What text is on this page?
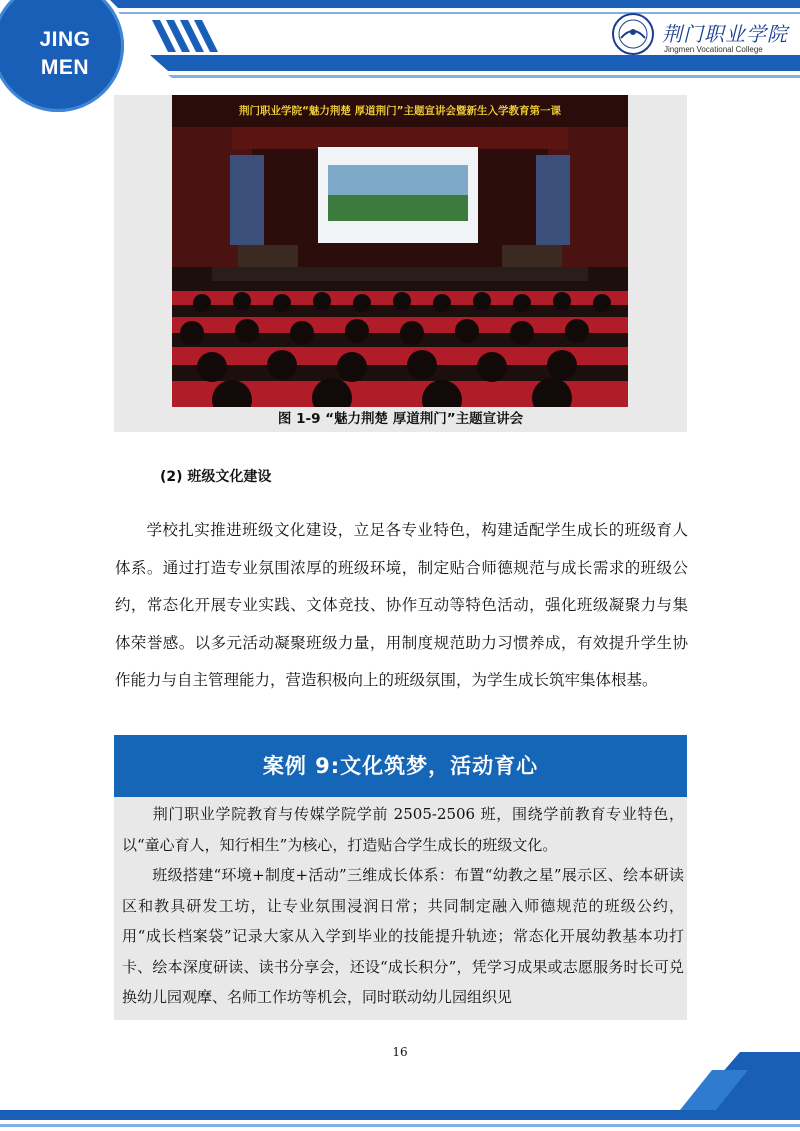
JING
MEN
荆门职业学院
Jingmen Vocational College
荆门职业学院“魅力荆楚 厚道荆门”主题宣讲会暨新生入学教育第一课
图 1-9 “魅力荆楚 厚道荆门”主题宣讲会
(2) 班级文化建设

学校扎实推进班级文化建设，立足各专业特色，构建适配学生成长的班级育人体系。通过打造专业氛围浓厚的班级环境，制定贴合师德规范与成长需求的班级公约，常态化开展专业实践、文体竞技、协作互动等特色活动，强化班级凝聚力与集体荣誉感。以多元活动凝聚班级力量，用制度规范助力习惯养成，有效提升学生协作能力与自主管理能力，营造积极向上的班级氛围，为学生成长筑牢集体根基。

案例 9:文化筑梦，活动育心

荆门职业学院教育与传媒学院学前 2505-2506 班，围绕学前教育专业特色，以“童心育人，知行相生”为核心，打造贴合学生成长的班级文化。

班级搭建“环境+制度+活动”三维成长体系：布置“幼教之星”展示区、绘本研读区和教具研发工坊，让专业氛围浸润日常；共同制定融入师德规范的班级公约，用“成长档案袋”记录大家从入学到毕业的技能提升轨迹；常态化开展幼教基本功打卡、绘本深度研读、读书分享会，还设“成长积分”，凭学习成果或志愿服务时长可兑换幼儿园观摩、名师工作坊等机会，同时联动幼儿园组织见

16
